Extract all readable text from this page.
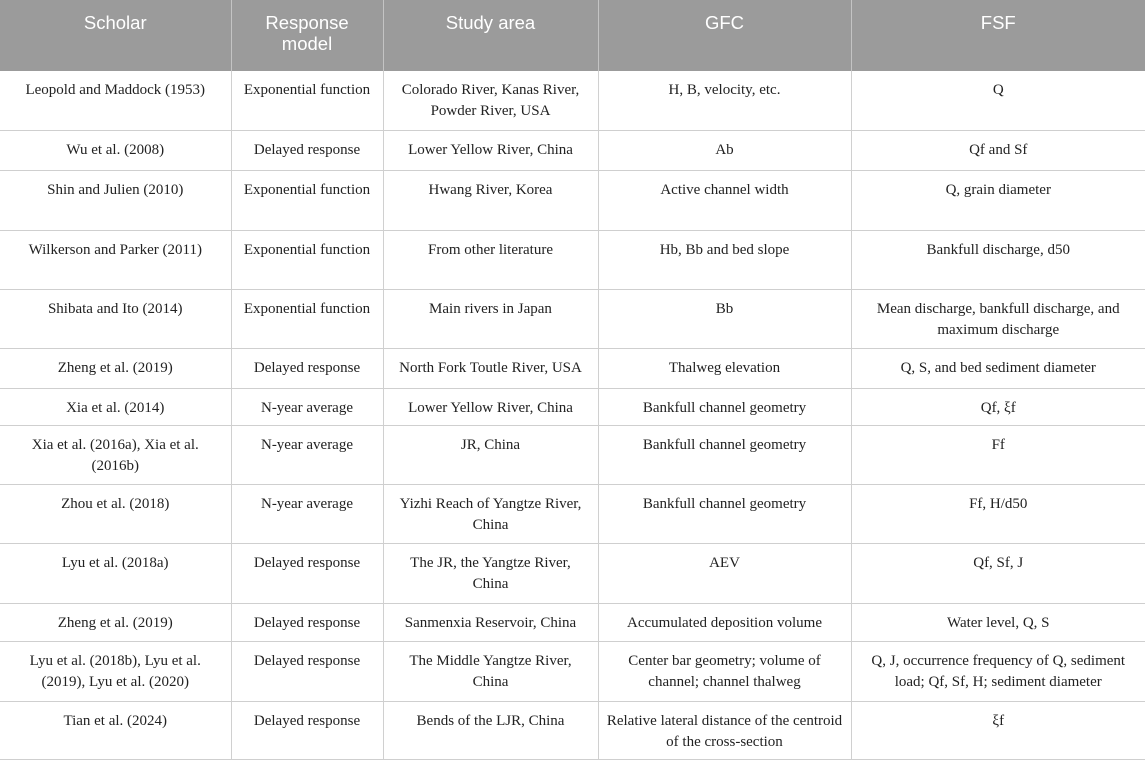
Scholar	Response model	Study area	GFC	FSF
Leopold and Maddock (1953)	Exponential function	Colorado River, Kanas River, Powder River, USA	H, B, velocity, etc.	Q
Wu et al. (2008)	Delayed response	Lower Yellow River, China	Ab	Qf and Sf
Shin and Julien (2010)	Exponential function	Hwang River, Korea	Active channel width	Q, grain diameter
Wilkerson and Parker (2011)	Exponential function	From other literature	Hb, Bb and bed slope	Bankfull discharge, d50
Shibata and Ito (2014)	Exponential function	Main rivers in Japan	Bb	Mean discharge, bankfull discharge, and maximum discharge
Zheng et al. (2019)	Delayed response	North Fork Toutle River, USA	Thalweg elevation	Q, S, and bed sediment diameter
Xia et al. (2014)	N-year average	Lower Yellow River, China	Bankfull channel geometry	Qf, ξf
Xia et al. (2016a), Xia et al. (2016b)	N-year average	JR, China	Bankfull channel geometry	Ff
Zhou et al. (2018)	N-year average	Yizhi Reach of Yangtze River, China	Bankfull channel geometry	Ff, H/d50
Lyu et al. (2018a)	Delayed response	The JR, the Yangtze River, China	AEV	Qf, Sf, J
Zheng et al. (2019)	Delayed response	Sanmenxia Reservoir, China	Accumulated deposition volume	Water level, Q, S
Lyu et al. (2018b), Lyu et al. (2019), Lyu et al. (2020)	Delayed response	The Middle Yangtze River, China	Center bar geometry; volume of channel; channel thalweg	Q, J, occurrence frequency of Q, sediment load; Qf, Sf, H; sediment diameter
Tian et al. (2024)	Delayed response	Bends of the LJR, China	Relative lateral distance of the centroid of the cross-section	ξf
